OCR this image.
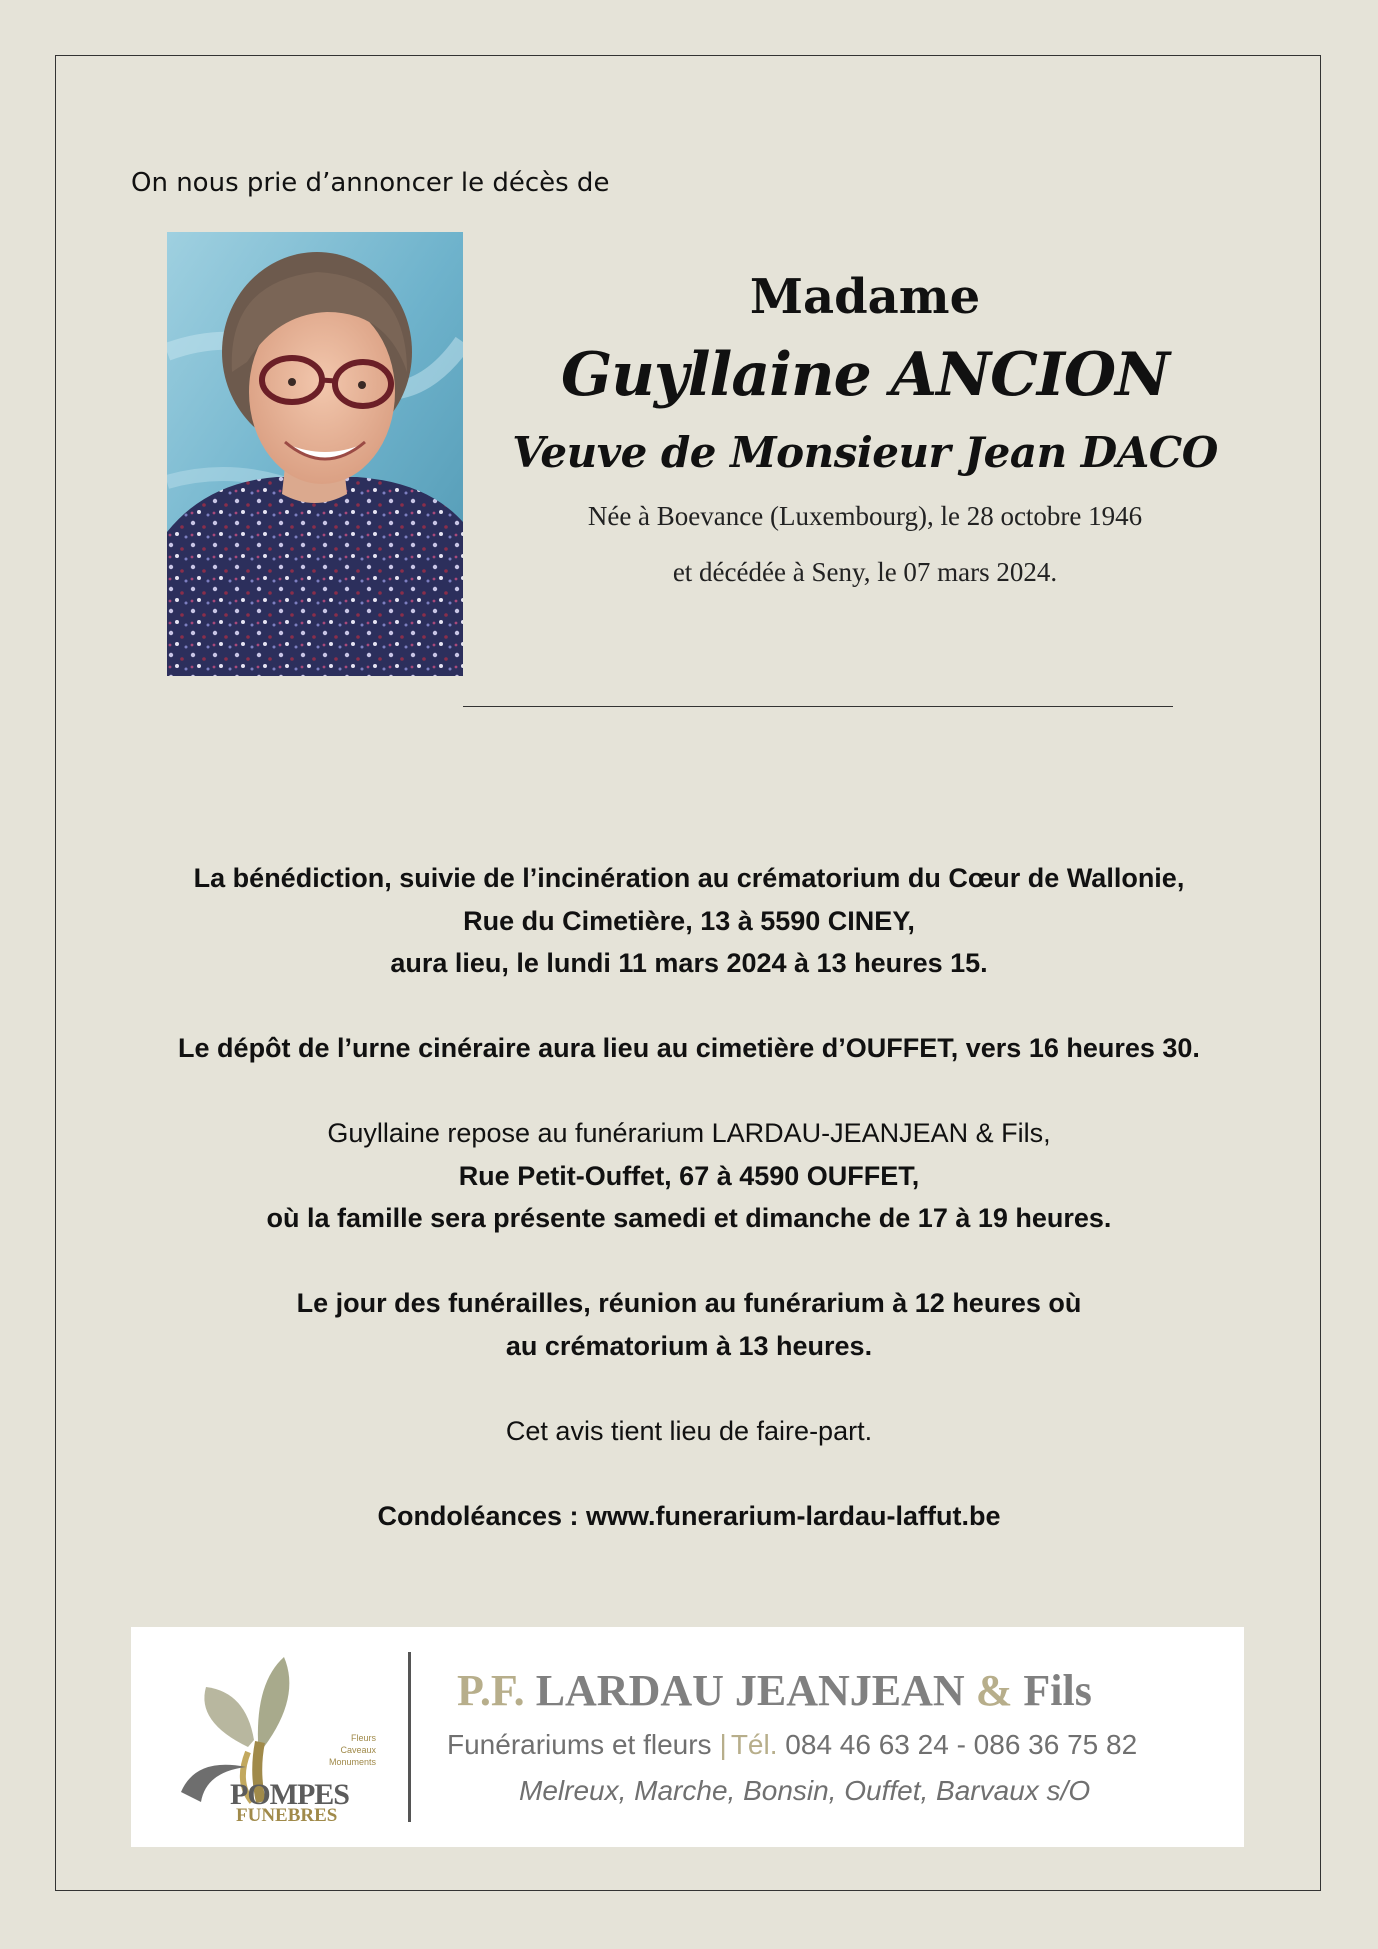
On nous prie d’annoncer le décès de

Madame

Guyllaine ANCION

Veuve de Monsieur Jean DACO

Née à Boevance (Luxembourg), le 28 octobre 1946

et décédée à Seny, le 07 mars 2024.

La bénédiction, suivie de l’incinération au crématorium du Cœur de Wallonie,

Rue du Cimetière, 13 à 5590 CINEY,

aura lieu, le lundi 11 mars 2024 à 13 heures 15.

Le dépôt de l’urne cinéraire aura lieu au cimetière d’OUFFET, vers 16 heures 30.

Guyllaine repose au funérarium LARDAU-JEANJEAN & Fils,

Rue Petit-Ouffet, 67 à 4590 OUFFET,

où la famille sera présente samedi et dimanche de 17 à 19 heures.

Le jour des funérailles, réunion au funérarium à 12 heures où

au crématorium à 13 heures.

Cet avis tient lieu de faire-part.

Condoléances : www.funerarium-lardau-laffut.be

Fleurs
Caveaux
Monuments
POMPES
FUNEBRES
P.F. LARDAU JEANJEAN & Fils
Funérariums et fleurs | Tél. 084 46 63 24 - 086 36 75 82
Melreux, Marche, Bonsin, Ouffet, Barvaux s/O
